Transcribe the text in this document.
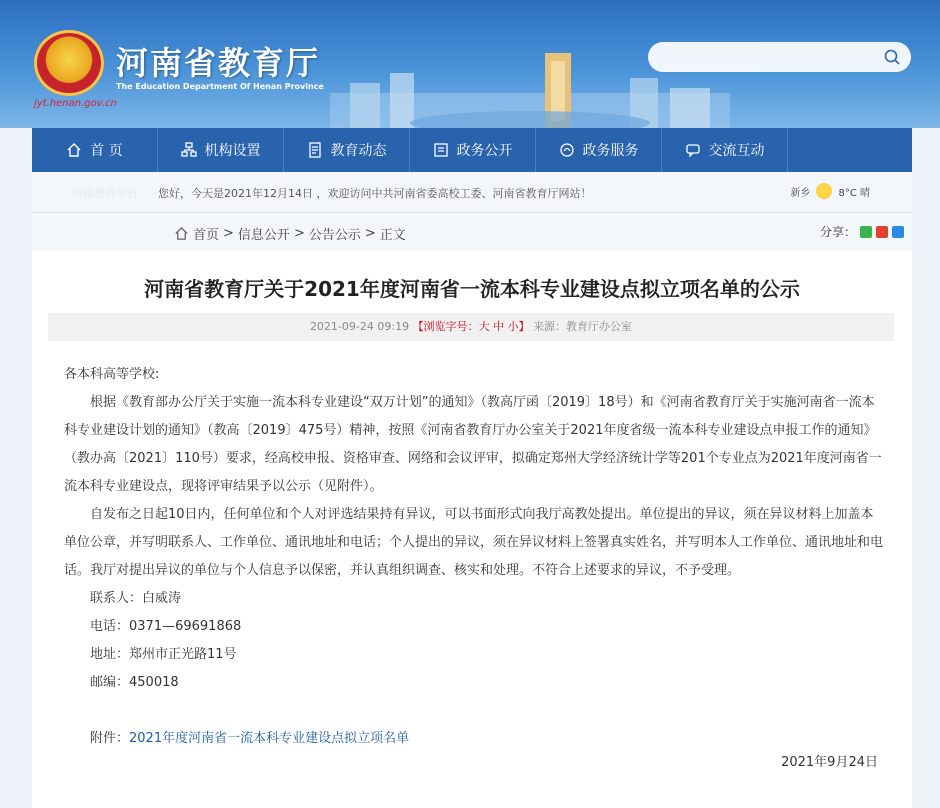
jyt.henan.gov.cn
河南省教育厅
The Education Department Of Henan Province
首 页	机构设置	教育动态	政务公开	政务服务	交流互动
河南教育平台 您好，今天是2021年12月14日 ，欢迎访问中共河南省委高校工委、河南省教育厅网站！	新乡	8°C 晴
首页 > 信息公开 > 公告公示 > 正文	分享：
河南省教育厅关于2021年度河南省一流本科专业建设点拟立项名单的公示
2021-09-24 09:19 【浏览字号：大 中 小】 来源：教育厅办公室

各本科高等学校:

根据《教育部办公厅关于实施一流本科专业建设“双万计划”的通知》（教高厅函〔2019〕18号）和《河南省教育厅关于实施河南省一流本科专业建设计划的通知》（教高〔2019〕475号）精神，按照《河南省教育厅办公室关于2021年度省级一流本科专业建设点申报工作的通知》（教办高〔2021〕110号）要求，经高校申报、资格审查、网络和会议评审，拟确定郑州大学经济统计学等201个专业点为2021年度河南省一流本科专业建设点，现将评审结果予以公示（见附件）。

自发布之日起10日内，任何单位和个人对评选结果持有异议，可以书面形式向我厅高教处提出。单位提出的异议，须在异议材料上加盖本单位公章，并写明联系人、工作单位、通讯地址和电话；个人提出的异议，须在异议材料上签署真实姓名，并写明本人工作单位、通讯地址和电话。我厅对提出异议的单位与个人信息予以保密，并认真组织调查、核实和处理。不符合上述要求的异议，不予受理。

联系人：白威涛

电话：0371—69691868

地址：郑州市正光路11号

邮编：450018

附件：2021年度河南省一流本科专业建设点拟立项名单

2021年9月24日
